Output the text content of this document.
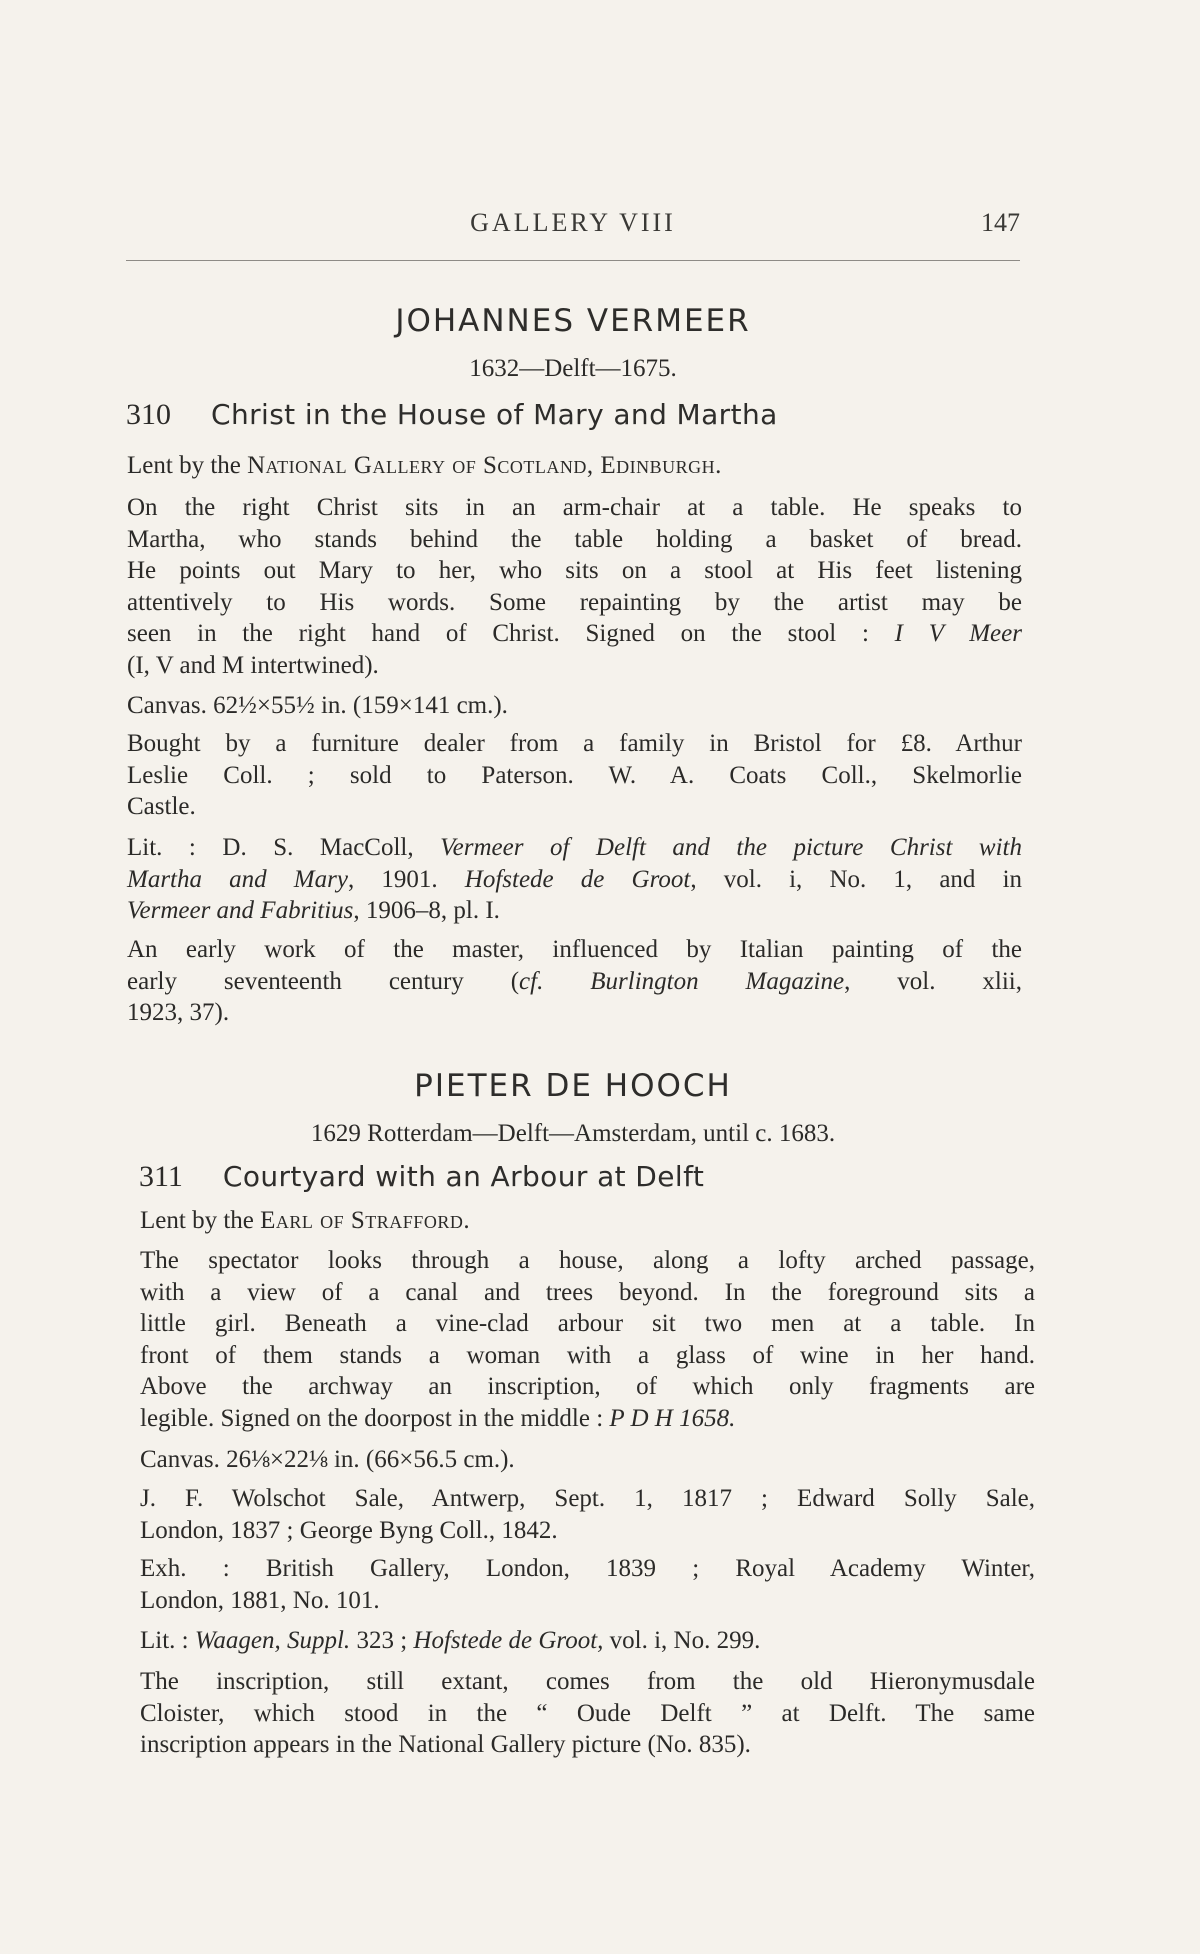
GALLERY VIII	147
JOHANNES VERMEER
1632—Delft—1675.
310 Christ in the House of Mary and Martha
Lent by the National Gallery of Scotland, Edinburgh.
On the right Christ sits in an arm-chair at a table. He speaks to
Martha, who stands behind the table holding a basket of bread.
He points out Mary to her, who sits on a stool at His feet listening
attentively to His words. Some repainting by the artist may be
seen in the right hand of Christ. Signed on the stool : I V Meer
(I, V and M intertwined).
Canvas. 62½×55½ in. (159×141 cm.).
Bought by a furniture dealer from a family in Bristol for £8. Arthur
Leslie Coll. ; sold to Paterson. W. A. Coats Coll., Skelmorlie
Castle.
Lit. : D. S. MacColl, Vermeer of Delft and the picture Christ with
Martha and Mary, 1901. Hofstede de Groot, vol. i, No. 1, and in
Vermeer and Fabritius, 1906–8, pl. I.
An early work of the master, influenced by Italian painting of the
early seventeenth century (cf. Burlington Magazine, vol. xlii,
1923, 37).
PIETER DE HOOCH
1629 Rotterdam—Delft—Amsterdam, until c. 1683.
311 Courtyard with an Arbour at Delft
Lent by the Earl of Strafford.
The spectator looks through a house, along a lofty arched passage,
with a view of a canal and trees beyond. In the foreground sits a
little girl. Beneath a vine-clad arbour sit two men at a table. In
front of them stands a woman with a glass of wine in her hand.
Above the archway an inscription, of which only fragments are
legible. Signed on the doorpost in the middle : P D H 1658.
Canvas. 26⅛×22⅛ in. (66×56.5 cm.).
J. F. Wolschot Sale, Antwerp, Sept. 1, 1817 ; Edward Solly Sale,
London, 1837 ; George Byng Coll., 1842.
Exh. : British Gallery, London, 1839 ; Royal Academy Winter,
London, 1881, No. 101.
Lit. : Waagen, Suppl. 323 ; Hofstede de Groot, vol. i, No. 299.
The inscription, still extant, comes from the old Hieronymusdale
Cloister, which stood in the “ Oude Delft ” at Delft. The same
inscription appears in the National Gallery picture (No. 835).
